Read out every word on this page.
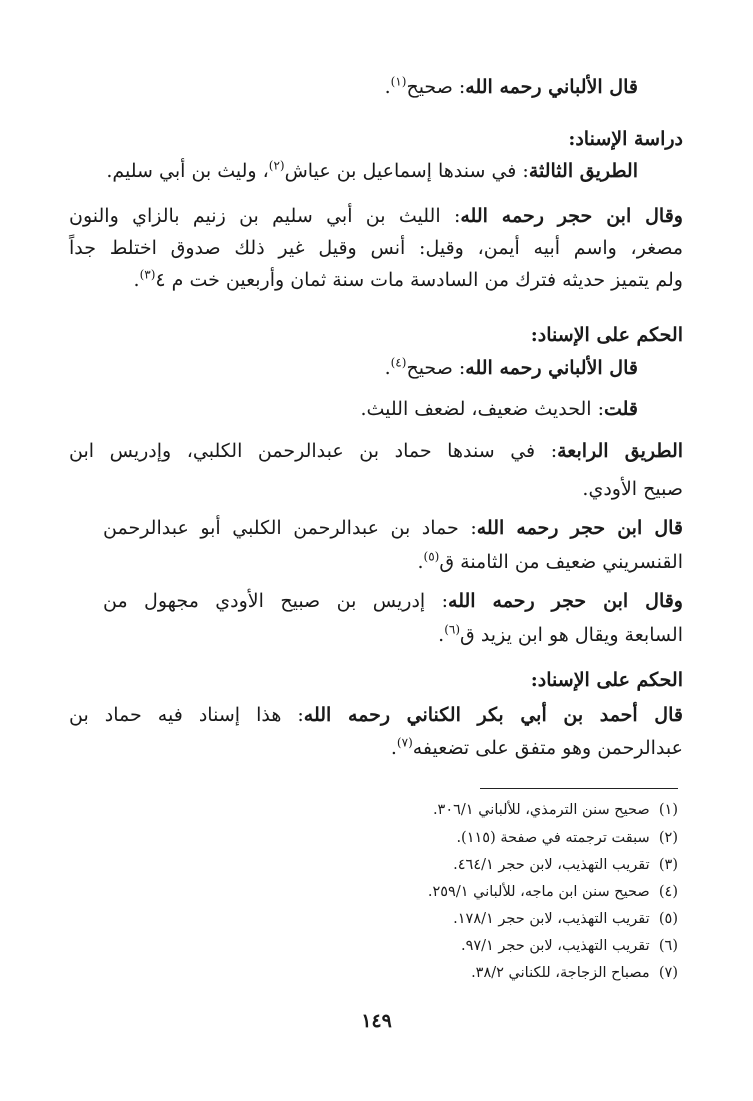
قال الألباني رحمه الله: صحيح$^{(١)}$.
دراسة الإسناد:
الطريق الثالثة: في سندها إسماعيل بن عياش$^{(٢)}$، وليث بن أبي سليم.
وقال ابن حجر رحمه الله: الليث بن أبي سليم بن زنيم بالزاي والنون
مصغر، واسم أبيه أيمن، وقيل: أنس وقيل غير ذلك صدوق اختلط جداً
ولم يتميز حديثه فترك من السادسة مات سنة ثمان وأربعين خت م ٤$^{(٣)}$.
الحكم على الإسناد:
قال الألباني رحمه الله: صحيح$^{(٤)}$.
قلت: الحديث ضعيف، لضعف الليث.
الطريق الرابعة: في سندها حماد بن عبدالرحمن الكلبي، وإدريس ابن
صبيح الأودي.
قال ابن حجر رحمه الله: حماد بن عبدالرحمن الكلبي أبو عبدالرحمن
القنسريني ضعيف من الثامنة ق$^{(٥)}$.
وقال ابن حجر رحمه الله: إدريس بن صبيح الأودي مجهول من
السابعة ويقال هو ابن يزيد ق$^{(٦)}$.
الحكم على الإسناد:
قال أحمد بن أبي بكر الكناني رحمه الله: هذا إسناد فيه حماد بن
عبدالرحمن وهو متفق على تضعيفه$^{(٧)}$.
(١)  صحيح سنن الترمذي، للألباني ٣٠٦/١.
(٢)  سبقت ترجمته في صفحة (١١٥).
(٣)  تقريب التهذيب، لابن حجر ٤٦٤/١.
(٤)  صحيح سنن ابن ماجه، للألباني ٢٥٩/١.
(٥)  تقريب التهذيب، لابن حجر ١٧٨/١.
(٦)  تقريب التهذيب، لابن حجر ٩٧/١.
(٧)  مصباح الزجاجة، للكناني ٣٨/٢.
١٤٩
